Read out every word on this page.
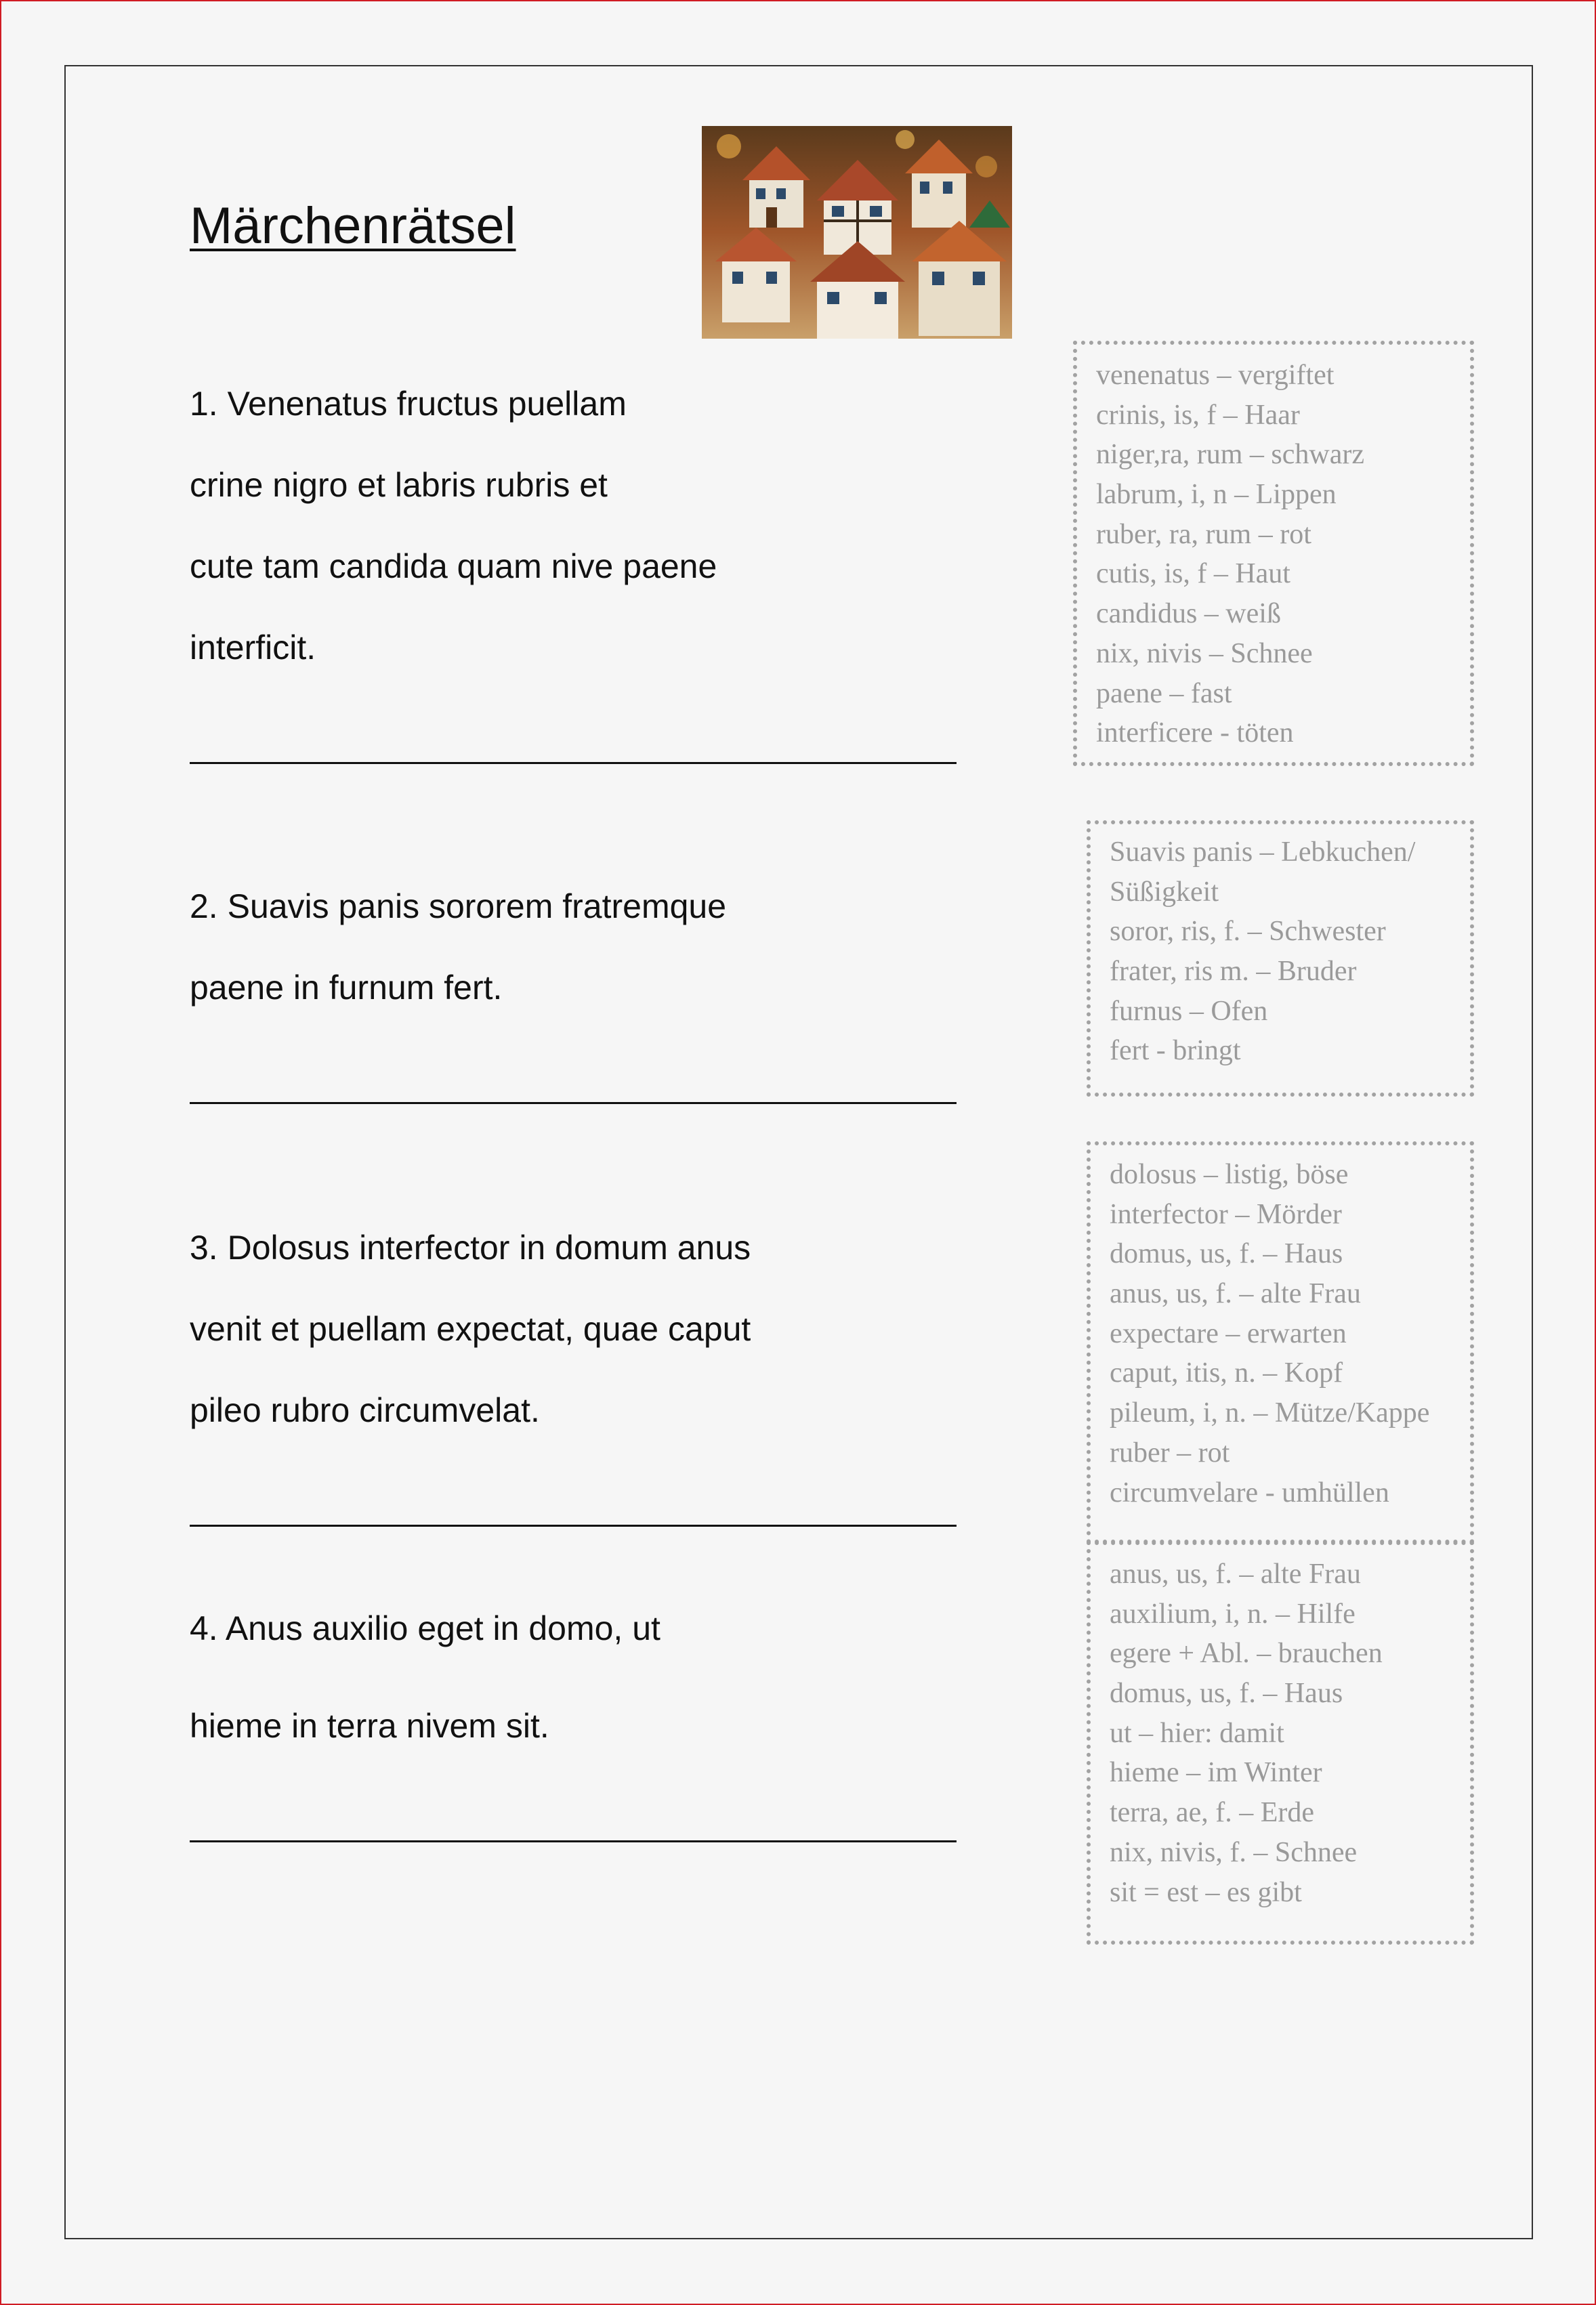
Märchenrätsel
1. Venenatus fructus puellam
crine nigro et labris rubris et
cute tam candida quam nive paene
interficit.
2. Suavis panis sororem fratremque
paene in furnum fert.
3. Dolosus interfector in domum anus
venit et puellam expectat, quae caput
pileo rubro circumvelat.
4. Anus auxilio eget in domo, ut
hieme in terra nivem sit.
venenatus – vergiftet
crinis, is, f – Haar
niger,ra, rum – schwarz
labrum, i, n – Lippen
ruber, ra, rum – rot
cutis, is, f – Haut
candidus – weiß
nix, nivis – Schnee
paene – fast
interficere - töten
Suavis panis – Lebkuchen/
Süßigkeit
soror, ris, f. – Schwester
frater, ris m. – Bruder
furnus – Ofen
fert - bringt
dolosus – listig, böse
interfector – Mörder
domus, us, f. – Haus
anus, us, f. – alte Frau
expectare – erwarten
caput, itis, n. – Kopf
pileum, i, n. – Mütze/Kappe
ruber – rot
circumvelare - umhüllen
anus, us, f. – alte Frau
auxilium, i, n. – Hilfe
egere + Abl. – brauchen
domus, us, f. – Haus
ut – hier: damit
hieme – im Winter
terra, ae, f. – Erde
nix, nivis, f. – Schnee
sit = est – es gibt
